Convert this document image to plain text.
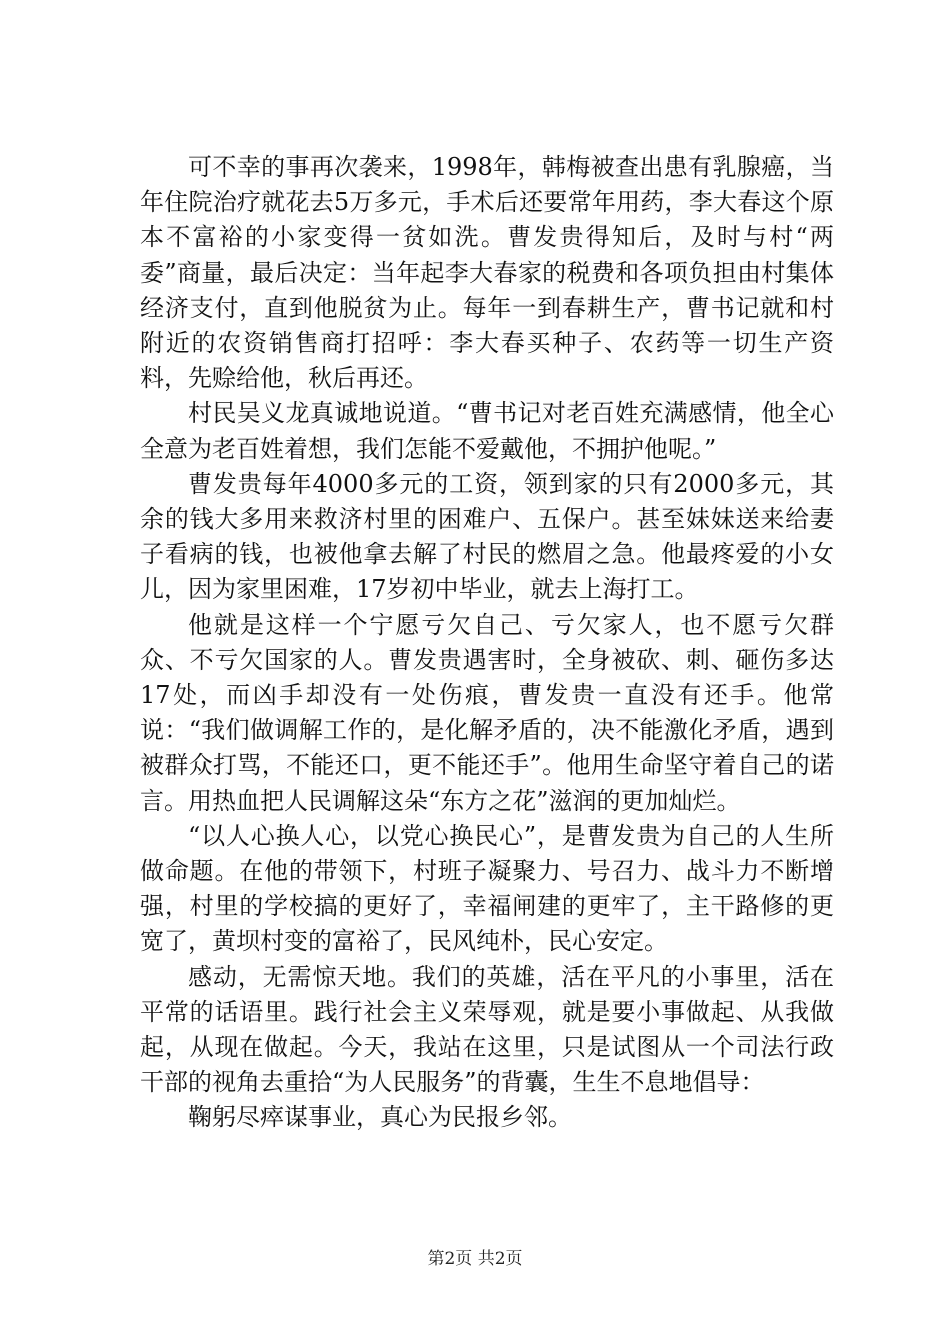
可不幸的事再次袭来，1998年，韩梅被查出患有乳腺癌，当年住院治疗就花去5万多元，手术后还要常年用药，李大春这个原本不富裕的小家变得一贫如洗。曹发贵得知后，及时与村“两委”商量，最后决定：当年起李大春家的税费和各项负担由村集体经济支付，直到他脱贫为止。每年一到春耕生产，曹书记就和村附近的农资销售商打招呼：李大春买种子、农药等一切生产资料，先赊给他，秋后再还。

村民吴义龙真诚地说道。“曹书记对老百姓充满感情，他全心全意为老百姓着想，我们怎能不爱戴他，不拥护他呢。”

曹发贵每年4000多元的工资，领到家的只有2000多元，其余的钱大多用来救济村里的困难户、五保户。甚至妹妹送来给妻子看病的钱，也被他拿去解了村民的燃眉之急。他最疼爱的小女儿，因为家里困难，17岁初中毕业，就去上海打工。

他就是这样一个宁愿亏欠自己、亏欠家人，也不愿亏欠群众、不亏欠国家的人。曹发贵遇害时，全身被砍、刺、砸伤多达17处，而凶手却没有一处伤痕，曹发贵一直没有还手。他常说：“我们做调解工作的，是化解矛盾的，决不能激化矛盾，遇到被群众打骂，不能还口，更不能还手”。他用生命坚守着自己的诺言。用热血把人民调解这朵“东方之花”滋润的更加灿烂。

“以人心换人心，以党心换民心”，是曹发贵为自己的人生所做命题。在他的带领下，村班子凝聚力、号召力、战斗力不断增强，村里的学校搞的更好了，幸福闸建的更牢了，主干路修的更宽了，黄坝村变的富裕了，民风纯朴，民心安定。

感动，无需惊天地。我们的英雄，活在平凡的小事里，活在平常的话语里。践行社会主义荣辱观，就是要小事做起、从我做起，从现在做起。今天，我站在这里，只是试图从一个司法行政干部的视角去重拾“为人民服务”的背囊，生生不息地倡导：

鞠躬尽瘁谋事业，真心为民报乡邻。

第2页 共2页
